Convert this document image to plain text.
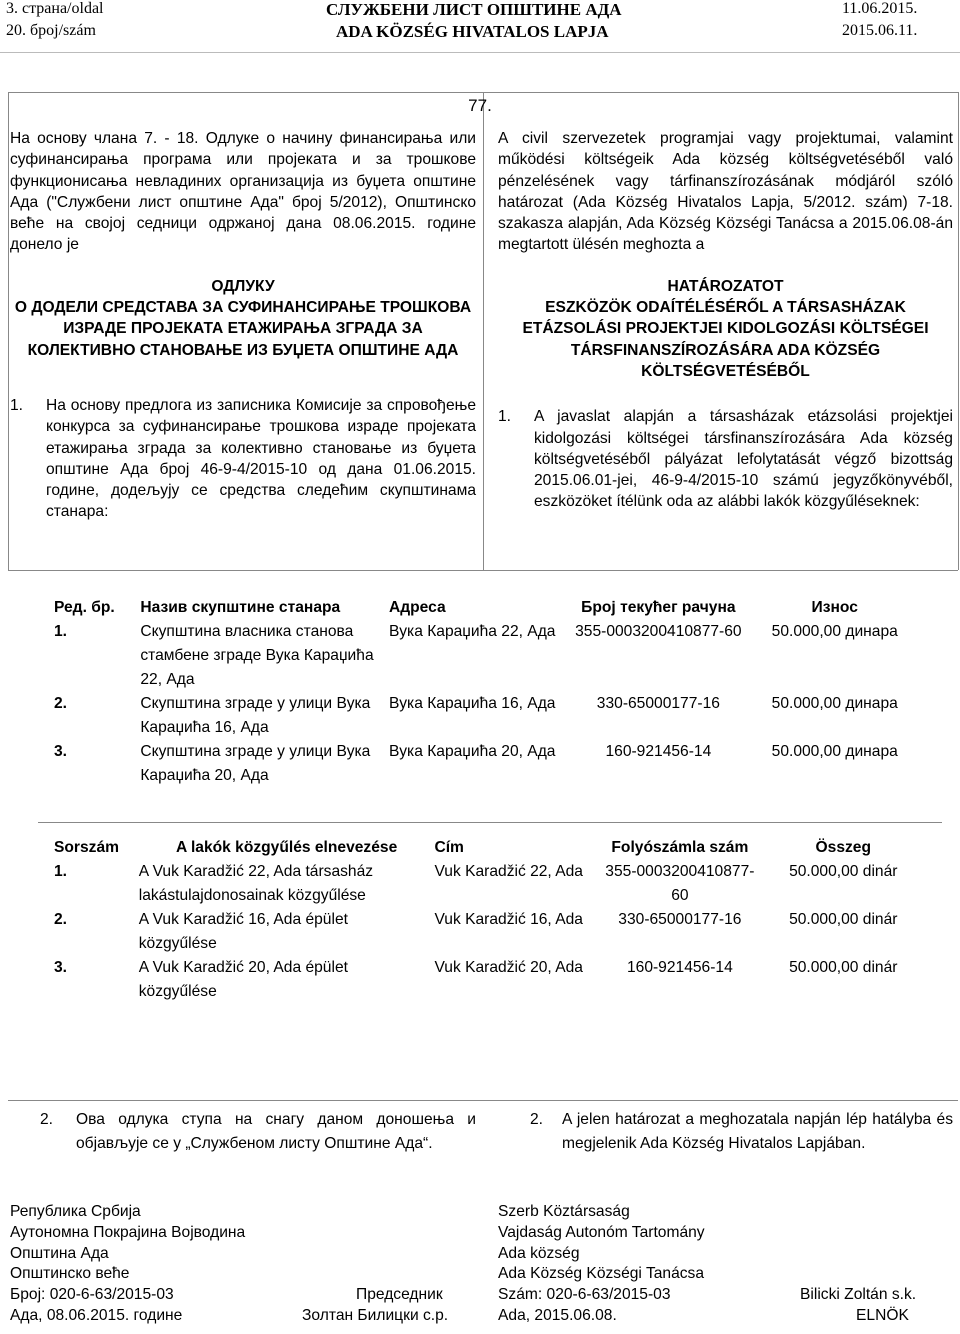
3. страна/oldal
20. број/szám
СЛУЖБЕНИ ЛИСТ ОПШТИНЕ АДА
ADA KÖZSÉG HIVATALOS LAPJA
11.06.2015.
2015.06.11.
77.
На основу члана 7. - 18. Одлуке о начину финансирања или суфинансирања програма или пројеката и за трошкове функционисања невладиних организација из буџета општине Ада ("Службени лист општине Ада" број 5/2012), Општинско веће на својој седници одржаној дана 08.06.2015. године донело је
ОДЛУКУ
О ДОДЕЛИ СРЕДСТАВА ЗА СУФИНАНСИРАЊЕ ТРОШКОВА ИЗРАДЕ ПРОЈЕКАТА ЕТАЖИРАЊА ЗГРАДА ЗА КОЛЕКТИВНО СТАНОВАЊЕ ИЗ БУЏЕТА ОПШТИНЕ АДА
1.	На основу предлога из записника Комисије за спровођење конкурса за суфинансирање трошкова израде пројеката етажирања зграда за колективно становање из буџета општине Ада број 46-9-4/2015-10 од дана 01.06.2015. године, додељују се средства следећим скупштинама станара:
A civil szervezetek programjai vagy projektumai, valamint működési költségeik Ada község költségvetéséből való pénzelésének vagy tárfinanszírozásának módjáról szóló határozat (Ada Község Hivatalos Lapja, 5/2012. szám) 7-18. szakasza alapján, Ada Község Községi Tanácsa a 2015.06.08-án megtartott ülésén meghozta a
HATÁROZATOT
ESZKÖZÖK ODAÍTÉLÉSÉRŐL A TÁRSASHÁZAK ETÁZSOLÁSI PROJEKTJEI KIDOLGOZÁSI KÖLTSÉGEI TÁRSFINANSZÍROZÁSÁRA ADA KÖZSÉG KÖLTSÉGVETÉSÉBŐL
1.	A javaslat alapján a társasházak etázsolási projektjei kidolgozási költségei társfinanszírozására Ada község költségvetéséből pályázat lefolytatását végző bizottság 2015.06.01-jei, 46-9-4/2015-10 számú jegyzőkönyvéből, eszközöket ítélünk oda az alábbi lakók közgyűléseknek:
Ред. бр.	Назив скупштине станара	Адреса	Број текућег рачуна	Износ
1.	Скупштина власника станова стамбене зграде Вука Караџића 22, Ада	Вука Караџића 22, Ада	355-0003200410877-60	50.000,00 динара
2.	Скупштина зграде у улици Вука Караџића 16, Ада	Вука Караџића 16, Ада	330-65000177-16	50.000,00 динара
3.	Скупштина зграде у улици Вука Караџића 20, Ада	Вука Караџића 20, Ада	160-921456-14	50.000,00 динара
Sorszám	A lakók közgyűlés elnevezése	Cím	Folyószámla szám	Összeg
1.	A Vuk Karadžić 22, Ada társasház lakástulajdonosainak közgyűlése	Vuk Karadžić 22, Ada	355-0003200410877-60	50.000,00 dinár
2.	A Vuk Karadžić 16, Ada épület közgyűlése	Vuk Karadžić 16, Ada	330-65000177-16	50.000,00 dinár
3.	A Vuk Karadžić 20, Ada épület közgyűlése	Vuk Karadžić 20, Ada	160-921456-14	50.000,00 dinár
2.	Ова одлука ступа на снагу даном доношења и објављује се у „Службеном листу Општине Ада“.
2.	A jelen határozat a meghozatala napján lép hatályba és megjelenik Ada Község Hivatalos Lapjában.
Република Србија
Аутономна Покрајина Војводина
Општина Ада
Општинско веће
Број: 020-6-63/2015-03	Председник
Ада, 08.06.2015. године	Золтан Билицки с.р.
Szerb Köztársaság
Vajdaság Autonóm Tartomány
Ada község
Ada Község Községi Tanácsa
Szám: 020-6-63/2015-03	Bilicki Zoltán s.k.
Ada, 2015.06.08.	ELNÖK
